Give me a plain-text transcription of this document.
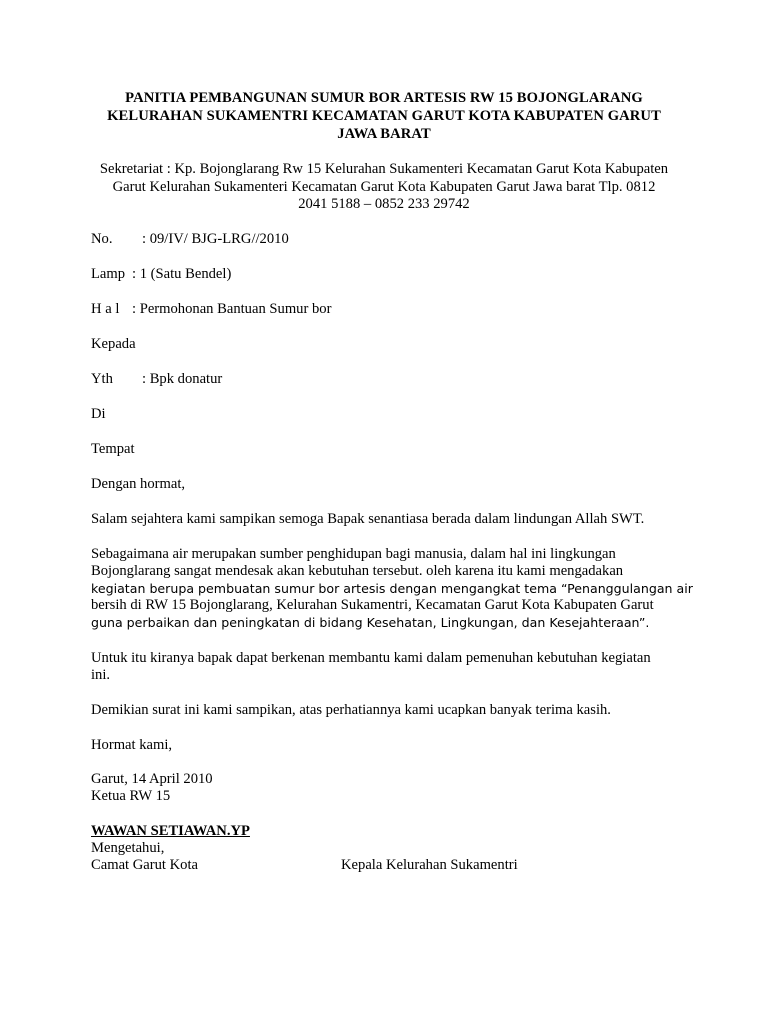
PANITIA PEMBANGUNAN SUMUR BOR ARTESIS RW 15 BOJONGLARANG
KELURAHAN SUKAMENTRI KECAMATAN GARUT KOTA KABUPATEN GARUT
JAWA BARAT
Sekretariat : Kp. Bojonglarang Rw 15 Kelurahan Sukamenteri Kecamatan Garut Kota Kabupaten
Garut Kelurahan Sukamenteri Kecamatan Garut Kota Kabupaten Garut Jawa barat Tlp. 0812
2041 5188 – 0852 233 29742
No. : 09/IV/ BJG-LRG//2010
Lamp : 1 (Satu Bendel)
H a l : Permohonan Bantuan Sumur bor
Kepada
Yth : Bpk donatur
Di
Tempat
Dengan hormat,
Salam sejahtera kami sampikan semoga Bapak senantiasa berada dalam lindungan Allah SWT.
Sebagaimana air merupakan sumber penghidupan bagi manusia, dalam hal ini lingkungan
Bojonglarang sangat mendesak akan kebutuhan tersebut. oleh karena itu kami mengadakan
kegiatan berupa pembuatan sumur bor artesis dengan mengangkat tema “Penanggulangan air
bersih di RW 15 Bojonglarang, Kelurahan Sukamentri, Kecamatan Garut Kota Kabupaten Garut
guna perbaikan dan peningkatan di bidang Kesehatan, Lingkungan, dan Kesejahteraan”.
Untuk itu kiranya bapak dapat berkenan membantu kami dalam pemenuhan kebutuhan kegiatan
ini.
Demikian surat ini kami sampikan, atas perhatiannya kami ucapkan banyak terima kasih.
Hormat kami,
Garut, 14 April 2010
Ketua RW 15
WAWAN SETIAWAN.YP
Mengetahui,
Camat Garut Kota	Kepala Kelurahan Sukamentri
